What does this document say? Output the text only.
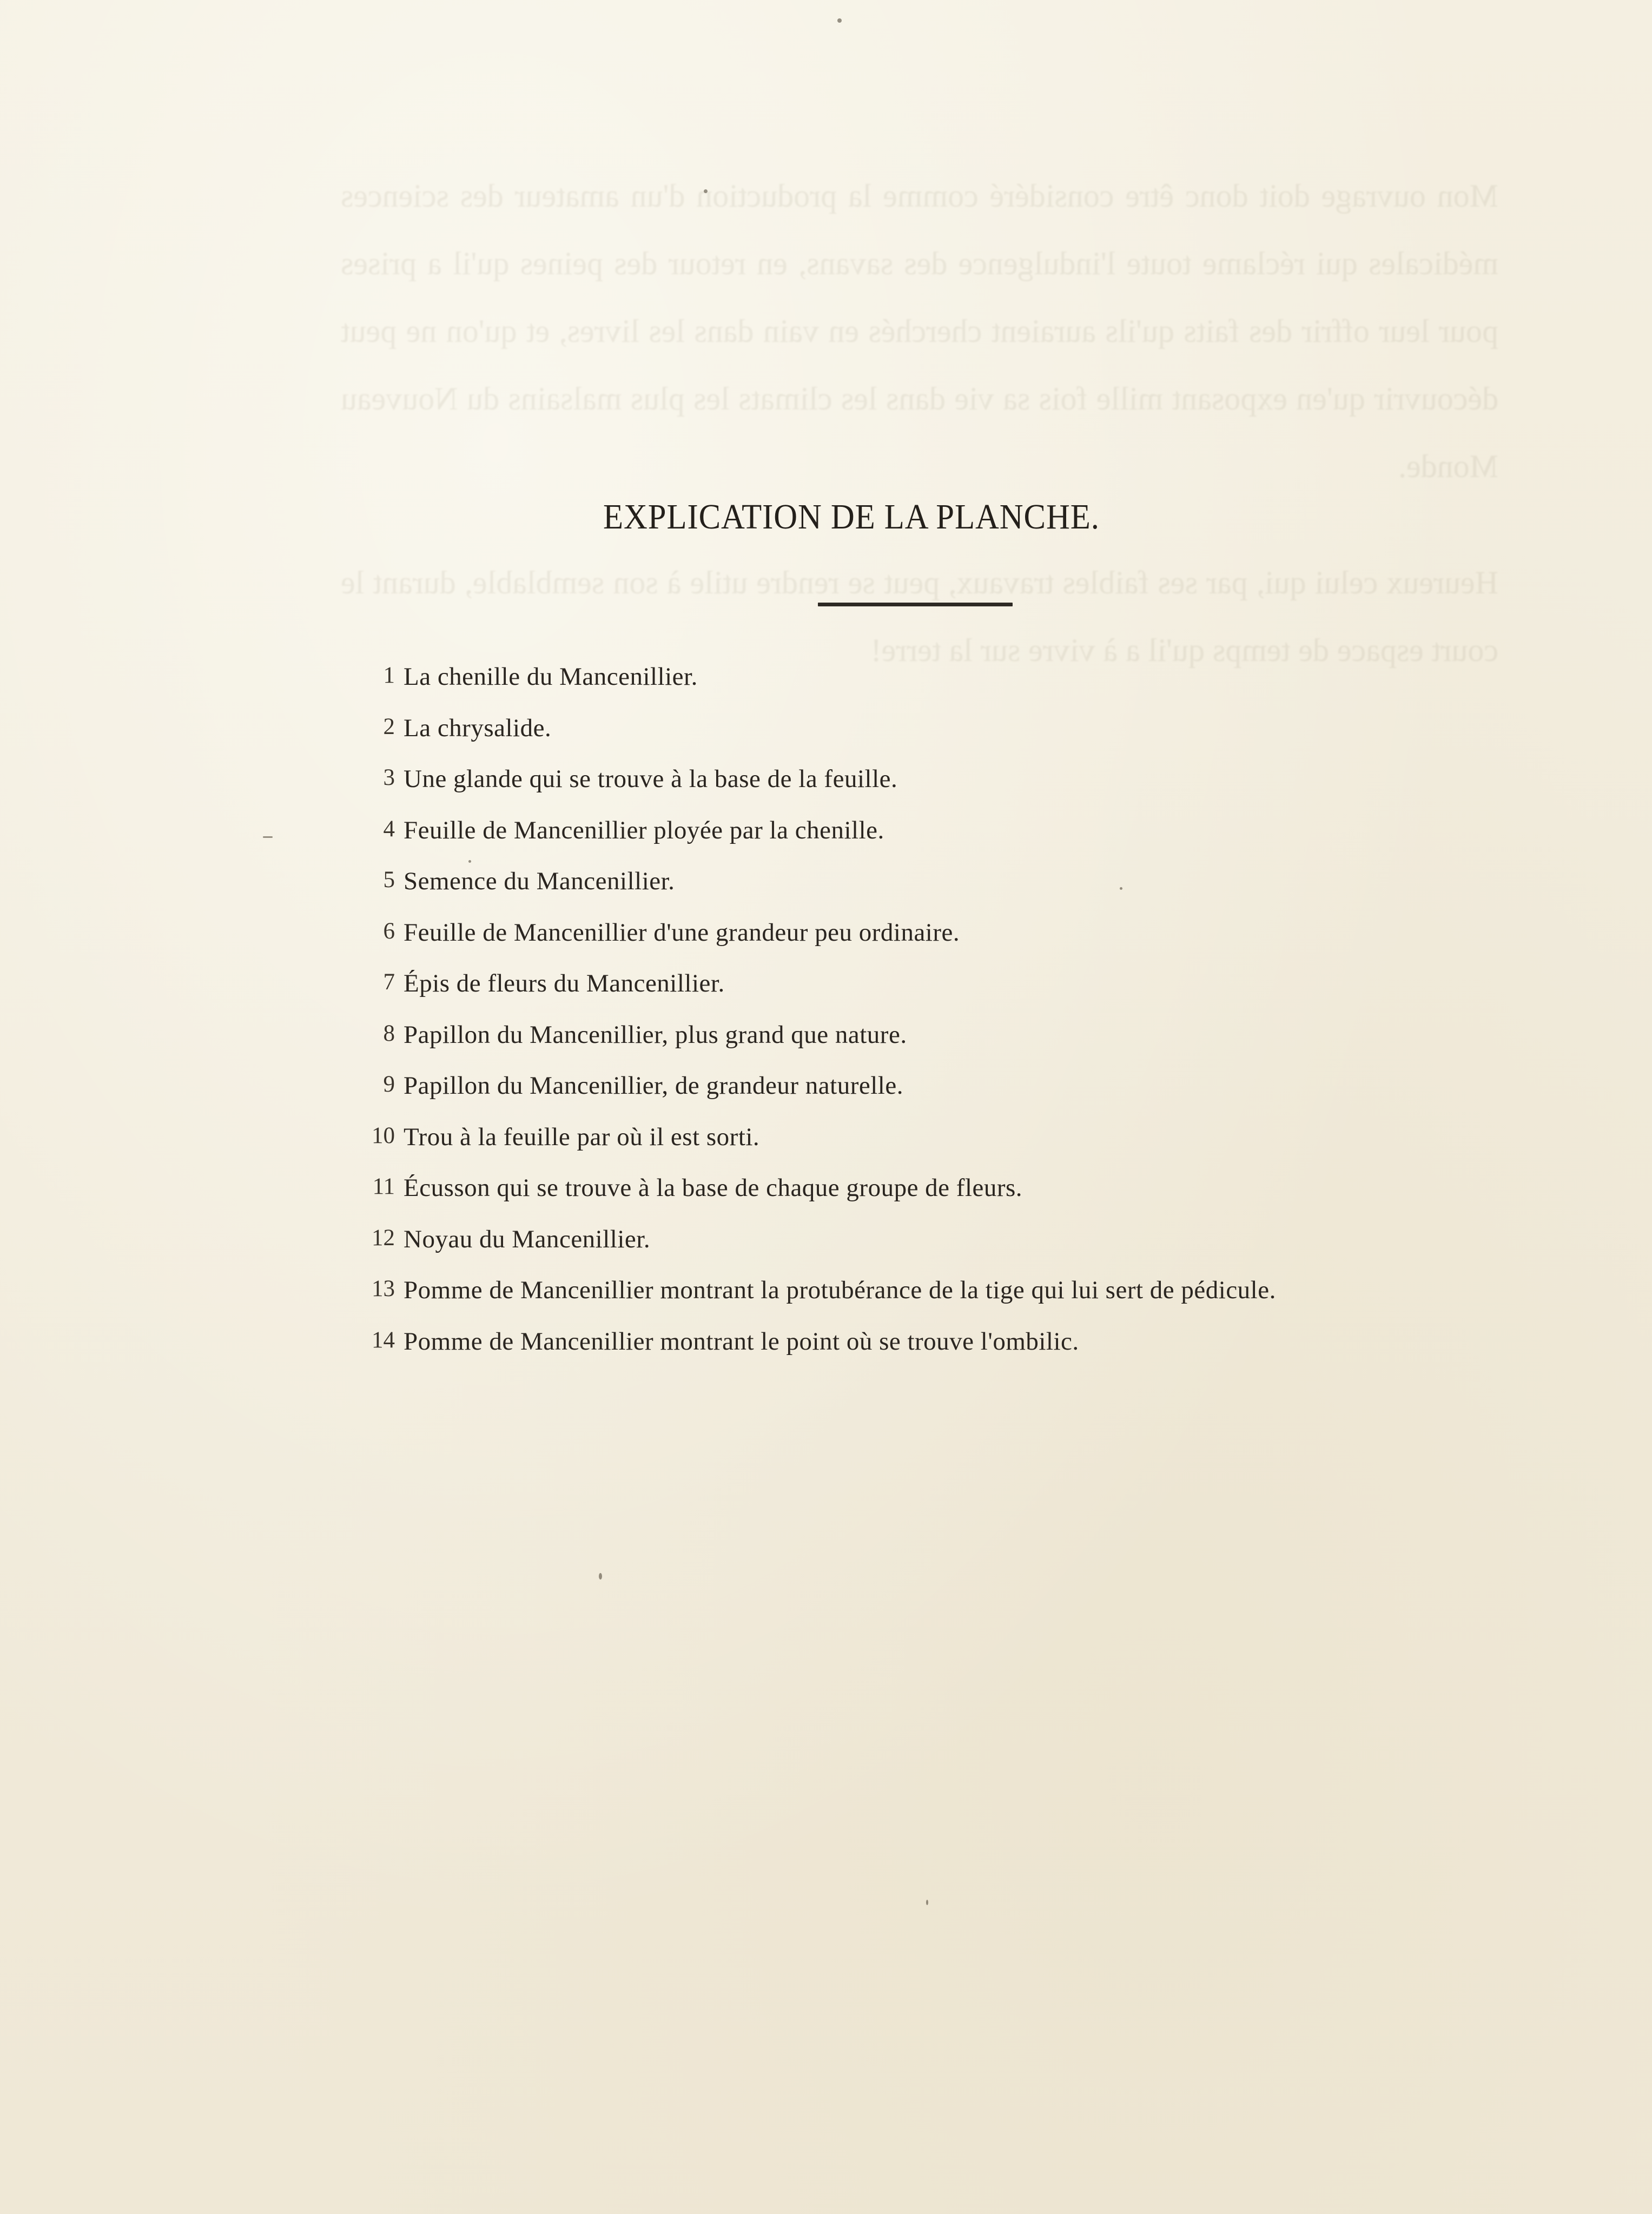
Mon ouvrage doit donc être considéré comme la production d'un amateur des sciences médicales qui réclame toute l'indulgence des savans, en retour des peines qu'il a prises pour leur offrir des faits qu'ils auraient cherchés en vain dans les livres, et qu'on ne peut découvrir qu'en exposant mille fois sa vie dans les climats les plus malsains du Nouveau Monde.

Heureux celui qui, par ses faibles travaux, peut se rendre utile à son semblable, durant le court espace de temps qu'il a à vivre sur la terre!

EXPLICATION DE LA PLANCHE.
1 La chenille du Mancenillier.
2 La chrysalide.
3 Une glande qui se trouve à la base de la feuille.
4 Feuille de Mancenillier ployée par la chenille.
5 Semence du Mancenillier.
6 Feuille de Mancenillier d'une grandeur peu ordinaire.
7 Épis de fleurs du Mancenillier.
8 Papillon du Mancenillier, plus grand que nature.
9 Papillon du Mancenillier, de grandeur naturelle.
10 Trou à la feuille par où il est sorti.
11 Écusson qui se trouve à la base de chaque groupe de fleurs.
12 Noyau du Mancenillier.
13 Pomme de Mancenillier montrant la protubérance de la tige qui lui sert de pédicule.
14 Pomme de Mancenillier montrant le point où se trouve l'ombilic.
